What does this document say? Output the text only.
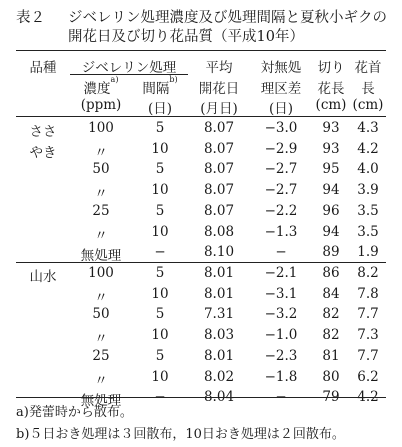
表２ ジベレリン処理濃度及び処理間隔と夏秋小ギクの
開花日及び切り花品質（平成10年）
品種	ジベレリン処理
濃度$^{a)}$
間隔$^{b)}$
(ppm)	(日)
平均
開花日
(月日)
対無処
理区差
(日)
切り
花長
(cm)
花首
長
(cm)
ささ
やき
100	5	8.07	−3.0	93	4.3
〃	10	8.07	−2.9	93	4.2
50	5	8.07	−2.7	95	4.0
〃	10	8.07	−2.7	94	3.9
25	5	8.07	−2.2	96	3.5
〃	10	8.08	−1.3	94	3.5
無処理	−	8.10	−	89	1.9
山水	100	5	8.01	−2.1	86	8.2
〃	10	8.01	−3.1	84	7.8
50	5	7.31	−3.2	82	7.7
〃	10	8.03	−1.0	82	7.3
25	5	8.01	−2.3	81	7.7
〃	10	8.02	−1.8	80	6.2
無処理	−	8.04	−	79	4.2
a)発蕾時から散布。
b)５日おき処理は３回散布，10日おき処理は２回散布。
